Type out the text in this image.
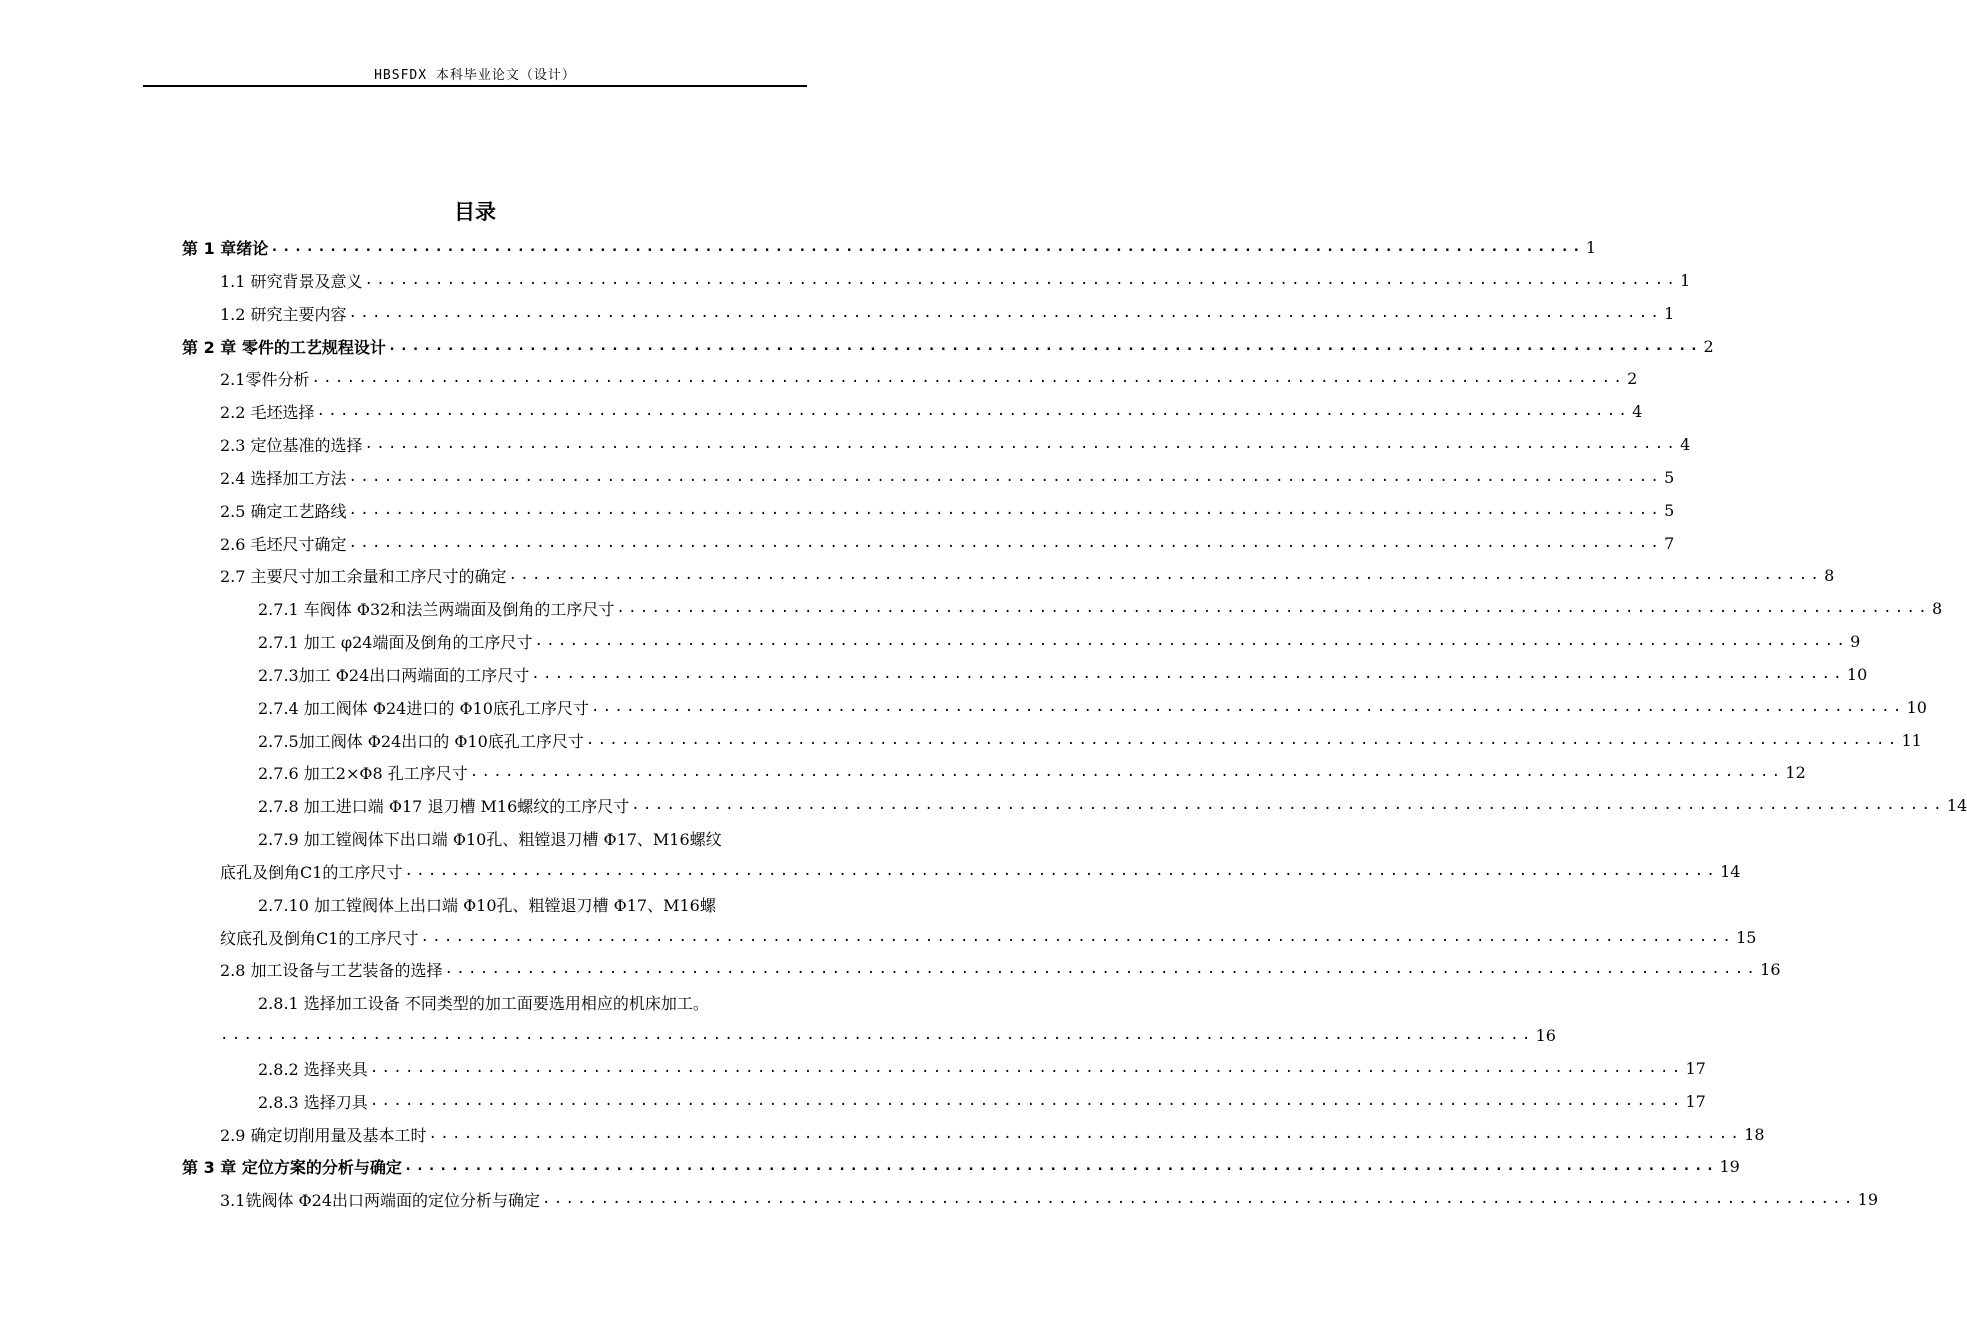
HBSFDX 本科毕业论文（设计）
目录
第 1 章绪论 ................................................................................................................ 1
1.1 研究背景及意义 ................................................................................................................ 1
1.2 研究主要内容 ................................................................................................................ 1
第 2 章 零件的工艺规程设计 ................................................................................................................ 2
2.1零件分析 ................................................................................................................ 2
2.2 毛坯选择 ................................................................................................................ 4
2.3 定位基准的选择 ................................................................................................................ 4
2.4 选择加工方法 ................................................................................................................ 5
2.5 确定工艺路线 ................................................................................................................ 5
2.6 毛坯尺寸确定 ................................................................................................................ 7
2.7 主要尺寸加工余量和工序尺寸的确定 ................................................................................................................ 8
2.7.1 车阀体 Φ32和法兰两端面及倒角的工序尺寸 ................................................................................................................ 8
2.7.1 加工 φ24端面及倒角的工序尺寸 ................................................................................................................ 9
2.7.3加工 Φ24出口两端面的工序尺寸 ................................................................................................................ 10
2.7.4 加工阀体 Φ24进口的 Φ10底孔工序尺寸 ................................................................................................................ 10
2.7.5加工阀体 Φ24出口的 Φ10底孔工序尺寸 ................................................................................................................ 11
2.7.6 加工2×Φ8 孔工序尺寸 ................................................................................................................ 12
2.7.8 加工进口端 Φ17 退刀槽 M16螺纹的工序尺寸 ................................................................................................................ 14
2.7.9 加工镗阀体下出口端 Φ10孔、粗镗退刀槽 Φ17、M16螺纹
底孔及倒角C1的工序尺寸 ................................................................................................................ 14
2.7.10 加工镗阀体上出口端 Φ10孔、粗镗退刀槽 Φ17、M16螺
纹底孔及倒角C1的工序尺寸 ................................................................................................................ 15
2.8 加工设备与工艺装备的选择 ................................................................................................................ 16
2.8.1 选择加工设备 不同类型的加工面要选用相应的机床加工。
................................................................................................................ 16
2.8.2 选择夹具 ................................................................................................................ 17
2.8.3 选择刀具 ................................................................................................................ 17
2.9 确定切削用量及基本工时 ................................................................................................................ 18
第 3 章 定位方案的分析与确定 ................................................................................................................ 19
3.1铣阀体 Φ24出口两端面的定位分析与确定 ................................................................................................................ 19
